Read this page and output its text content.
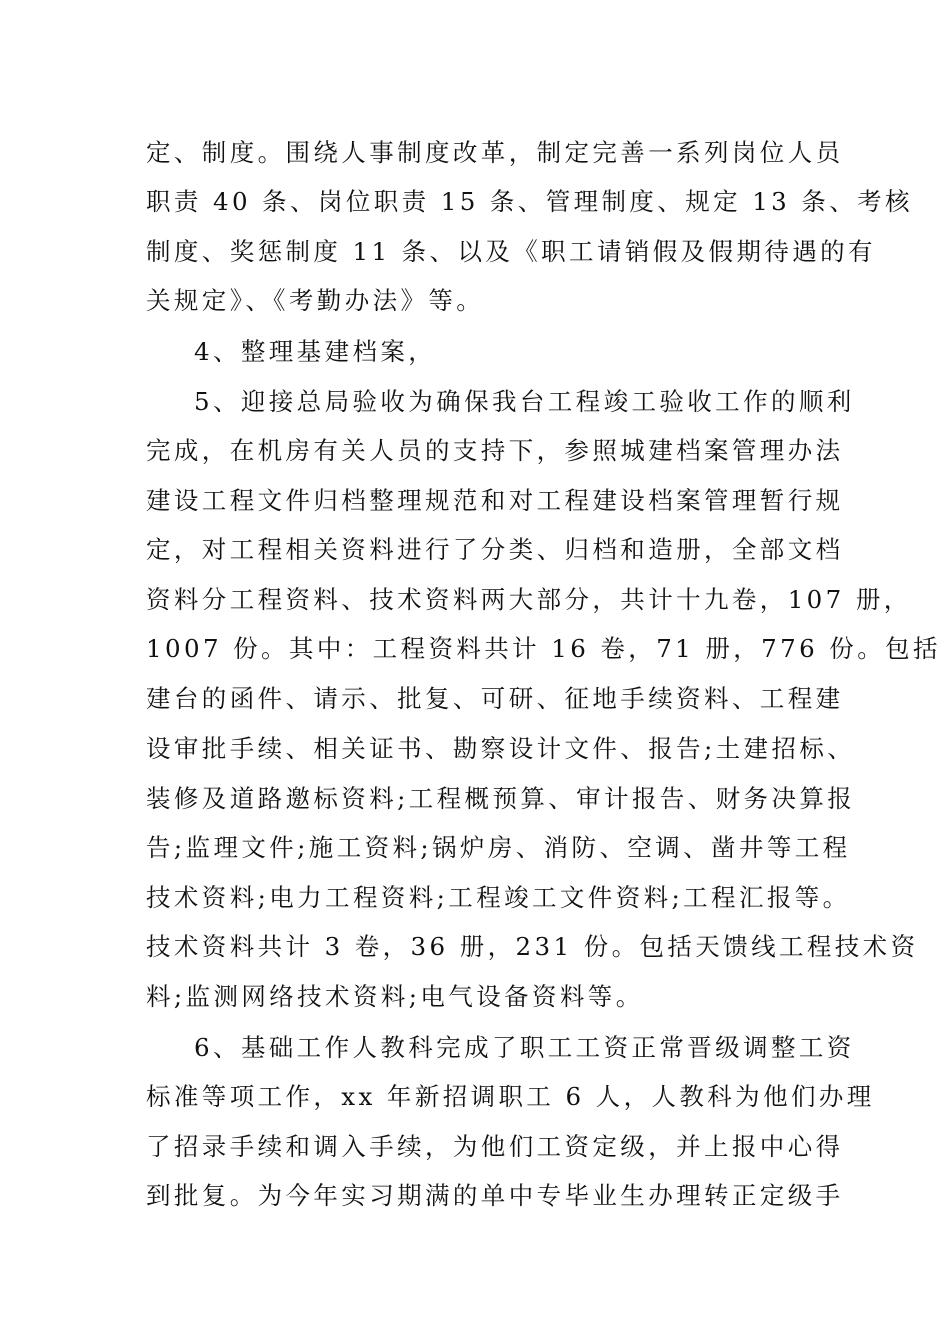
定、制度。围绕人事制度改革，制定完善一系列岗位人员
职责 40 条、岗位职责 15 条、管理制度、规定 13 条、考核
制度、奖惩制度 11 条、以及《职工请销假及假期待遇的有
关规定》、《考勤办法》等。
4、整理基建档案，
5、迎接总局验收为确保我台工程竣工验收工作的顺利
完成，在机房有关人员的支持下，参照城建档案管理办法
建设工程文件归档整理规范和对工程建设档案管理暂行规
定，对工程相关资料进行了分类、归档和造册，全部文档
资料分工程资料、技术资料两大部分，共计十九卷，107 册，
1007 份。其中：工程资料共计 16 卷，71 册，776 份。包括
建台的函件、请示、批复、可研、征地手续资料、工程建
设审批手续、相关证书、勘察设计文件、报告;土建招标、
装修及道路邀标资料;工程概预算、审计报告、财务决算报
告;监理文件;施工资料;锅炉房、消防、空调、凿井等工程
技术资料;电力工程资料;工程竣工文件资料;工程汇报等。
技术资料共计 3 卷，36 册，231 份。包括天馈线工程技术资
料;监测网络技术资料;电气设备资料等。
6、基础工作人教科完成了职工工资正常晋级调整工资
标准等项工作，xx 年新招调职工 6 人，人教科为他们办理
了招录手续和调入手续，为他们工资定级，并上报中心得
到批复。为今年实习期满的单中专毕业生办理转正定级手
